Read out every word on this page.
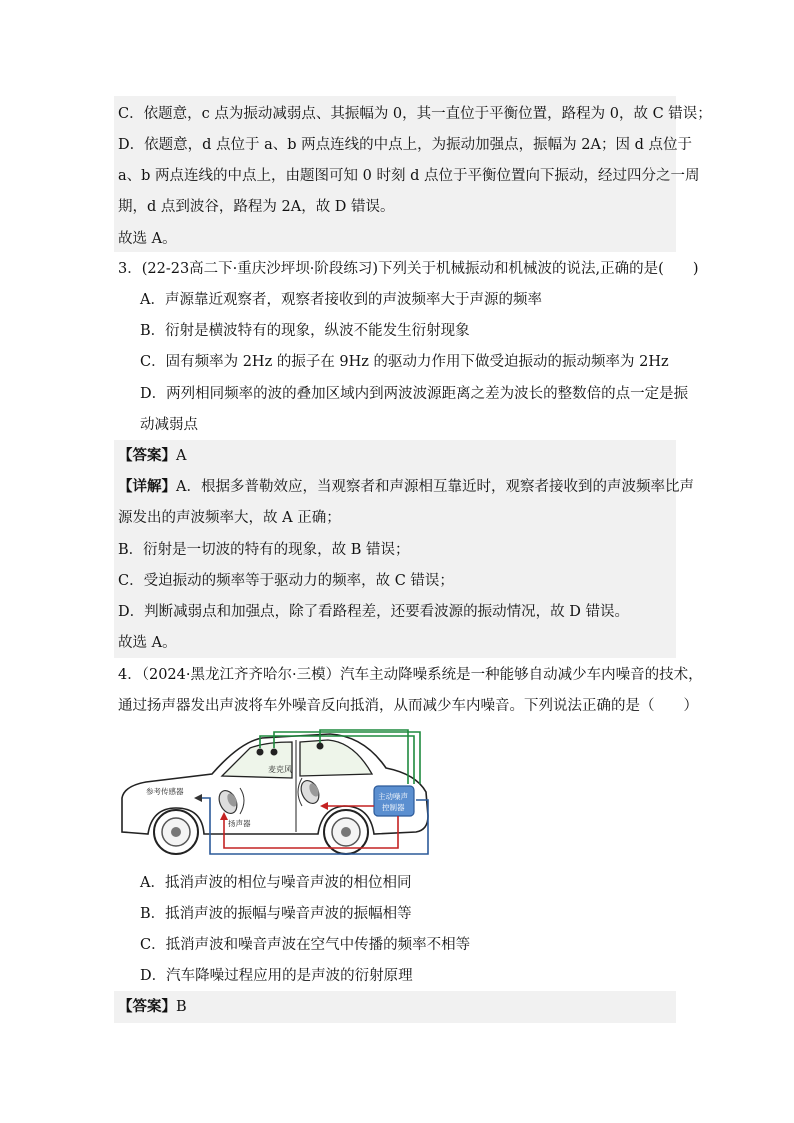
C．依题意，c 点为振动减弱点、其振幅为 0，其一直位于平衡位置，路程为 0，故 C 错误；
D．依题意，d 点位于 a、b 两点连线的中点上，为振动加强点，振幅为 2A；因 d 点位于
a、b 两点连线的中点上，由题图可知 0 时刻 d 点位于平衡位置向下振动，经过四分之一周
期，d 点到波谷，路程为 2A，故 D 错误。
故选 A。
3．(22-23高二下·重庆沙坪坝·阶段练习)下列关于机械振动和机械波的说法,正确的是(　　)
A．声源靠近观察者，观察者接收到的声波频率大于声源的频率
B．衍射是横波特有的现象，纵波不能发生衍射现象
C．固有频率为 2Hz 的振子在 9Hz 的驱动力作用下做受迫振动的振动频率为 2Hz
D．两列相同频率的波的叠加区域内到两波波源距离之差为波长的整数倍的点一定是振
动减弱点
【答案】A
【详解】A．根据多普勒效应，当观察者和声源相互靠近时，观察者接收到的声波频率比声
源发出的声波频率大，故 A 正确；
B．衍射是一切波的特有的现象，故 B 错误；
C．受迫振动的频率等于驱动力的频率，故 C 错误；
D．判断减弱点和加强点，除了看路程差，还要看波源的振动情况，故 D 错误。
故选 A。
4．（2024·黑龙江齐齐哈尔·三模）汽车主动降噪系统是一种能够自动减少车内噪音的技术，
通过扬声器发出声波将车外噪音反向抵消，从而减少车内噪音。下列说法正确的是（　　）
麦克风
参考传感器
扬声器
主动噪声
控制器
A．抵消声波的相位与噪音声波的相位相同
B．抵消声波的振幅与噪音声波的振幅相等
C．抵消声波和噪音声波在空气中传播的频率不相等
D．汽车降噪过程应用的是声波的衍射原理
【答案】B
